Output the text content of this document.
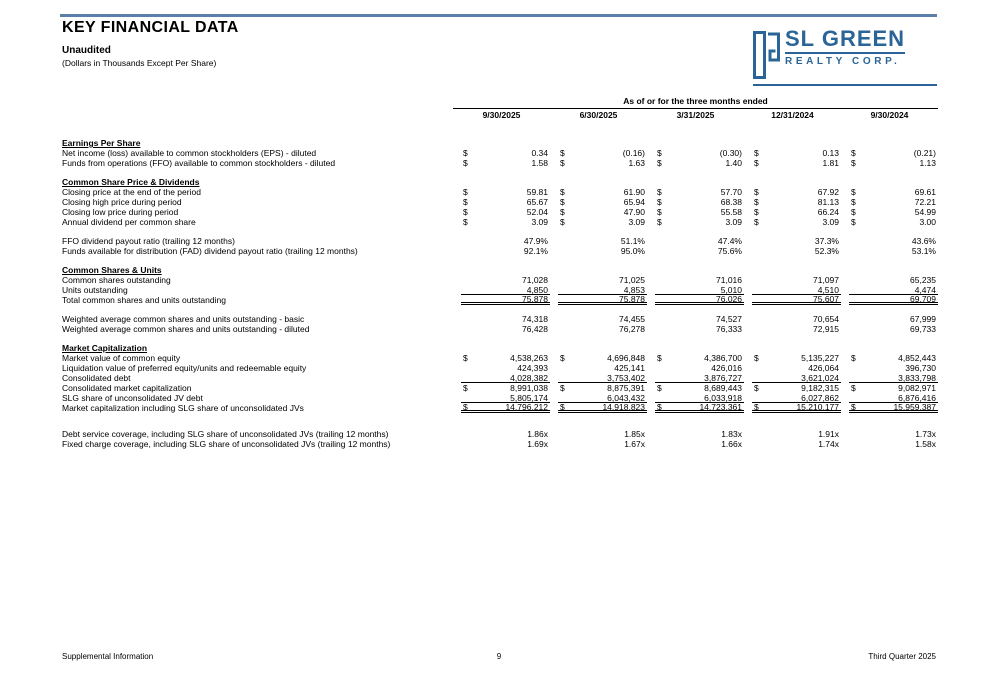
KEY FINANCIAL DATA
Unaudited
(Dollars in Thousands Except Per Share)
SL GREEN
REALTY CORP.
As of or for the three months ended
9/30/2025	6/30/2025	3/31/2025	12/31/2024	9/30/2024
Earnings Per Share
Net income (loss) available to common stockholders (EPS) - diluted	$	0.34 $	(0.16) $	(0.30) $	0.13 $	(0.21)
Funds from operations (FFO) available to common stockholders - diluted	$	1.58 $	1.63 $	1.40 $	1.81 $	1.13
Common Share Price & Dividends
Closing price at the end of the period	$	59.81 $	61.90 $	57.70 $	67.92 $	69.61
Closing high price during period	$	65.67 $	65.94 $	68.38 $	81.13 $	72.21
Closing low price during period	$	52.04 $	47.90 $	55.58 $	66.24 $	54.99
Annual dividend per common share	$	3.09 $	3.09 $	3.09 $	3.09 $	3.00
FFO dividend payout ratio (trailing 12 months)	47.9%	51.1%	47.4%	37.3%	43.6%
Funds available for distribution (FAD) dividend payout ratio (trailing 12 months)	92.1%	95.0%	75.6%	52.3%	53.1%
Common Shares & Units
Common shares outstanding	71,028	71,025	71,016	71,097	65,235
Units outstanding	4,850	4,853	5,010	4,510	4,474
Total common shares and units outstanding	75,878	75,878	76,026	75,607	69,709
Weighted average common shares and units outstanding - basic	74,318	74,455	74,527	70,654	67,999
Weighted average common shares and units outstanding - diluted	76,428	76,278	76,333	72,915	69,733
Market Capitalization
Market value of common equity	$	4,538,263 $	4,696,848 $	4,386,700 $	5,135,227 $	4,852,443
Liquidation value of preferred equity/units and redeemable equity	424,393	425,141	426,016	426,064	396,730
Consolidated debt	4,028,382	3,753,402	3,876,727	3,621,024	3,833,798
Consolidated market capitalization	$	8,991,038 $	8,875,391 $	8,689,443 $	9,182,315 $	9,082,971
SLG share of unconsolidated JV debt	5,805,174	6,043,432	6,033,918	6,027,862	6,876,416
Market capitalization including SLG share of unconsolidated JVs	$	14,796,212 $	14,918,823 $	14,723,361 $	15,210,177 $	15,959,387
Debt service coverage, including SLG share of unconsolidated JVs (trailing 12 months)	1.86x	1.85x	1.83x	1.91x	1.73x
Fixed charge coverage, including SLG share of unconsolidated JVs (trailing 12 months)	1.69x	1.67x	1.66x	1.74x	1.58x
Supplemental Information	9	Third Quarter 2025
